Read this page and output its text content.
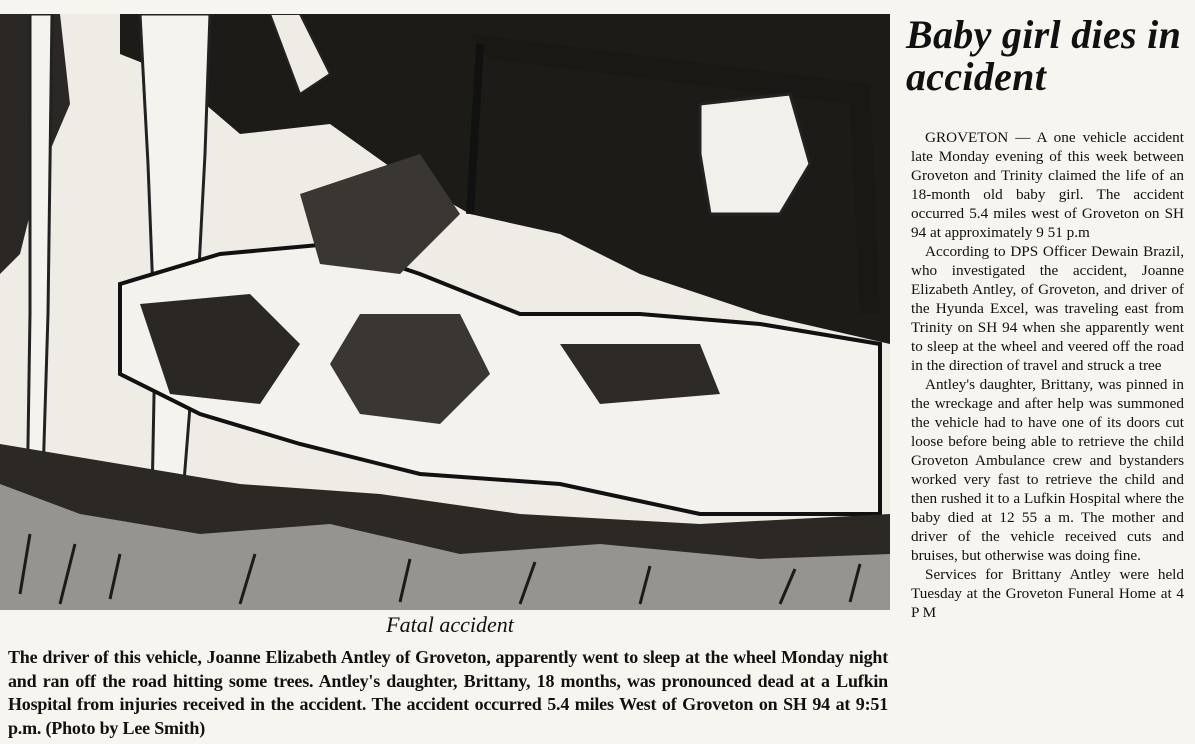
Fatal accident
The driver of this vehicle, Joanne Elizabeth Antley of Groveton, apparently went to sleep at the wheel Monday night and ran off the road hitting some trees. Antley's daughter, Brittany, 18 months, was pronounced dead at a Lufkin Hospital from injuries received in the accident. The accident occurred 5.4 miles West of Groveton on SH 94 at 9:51 p.m. (Photo by Lee Smith)
Baby girl dies in accident

GROVETON — A one vehicle accident late Monday evening of this week between Groveton and Trinity claimed the life of an 18-month old baby girl. The accident occurred 5.4 miles west of Groveton on SH 94 at approximately 9 51 p.m

According to DPS Officer Dewain Brazil, who investigated the accident, Joanne Elizabeth Antley, of Groveton, and driver of the Hyunda Excel, was traveling east from Trinity on SH 94 when she apparently went to sleep at the wheel and veered off the road in the direction of travel and struck a tree

Antley's daughter, Brittany, was pinned in the wreckage and after help was summoned the vehicle had to have one of its doors cut loose before being able to retrieve the child Groveton Ambulance crew and bystanders worked very fast to retrieve the child and then rushed it to a Lufkin Hospital where the baby died at 12 55 a m. The mother and driver of the vehicle received cuts and bruises, but otherwise was doing fine.

Services for Brittany Antley were held Tuesday at the Groveton Funeral Home at 4 P M
